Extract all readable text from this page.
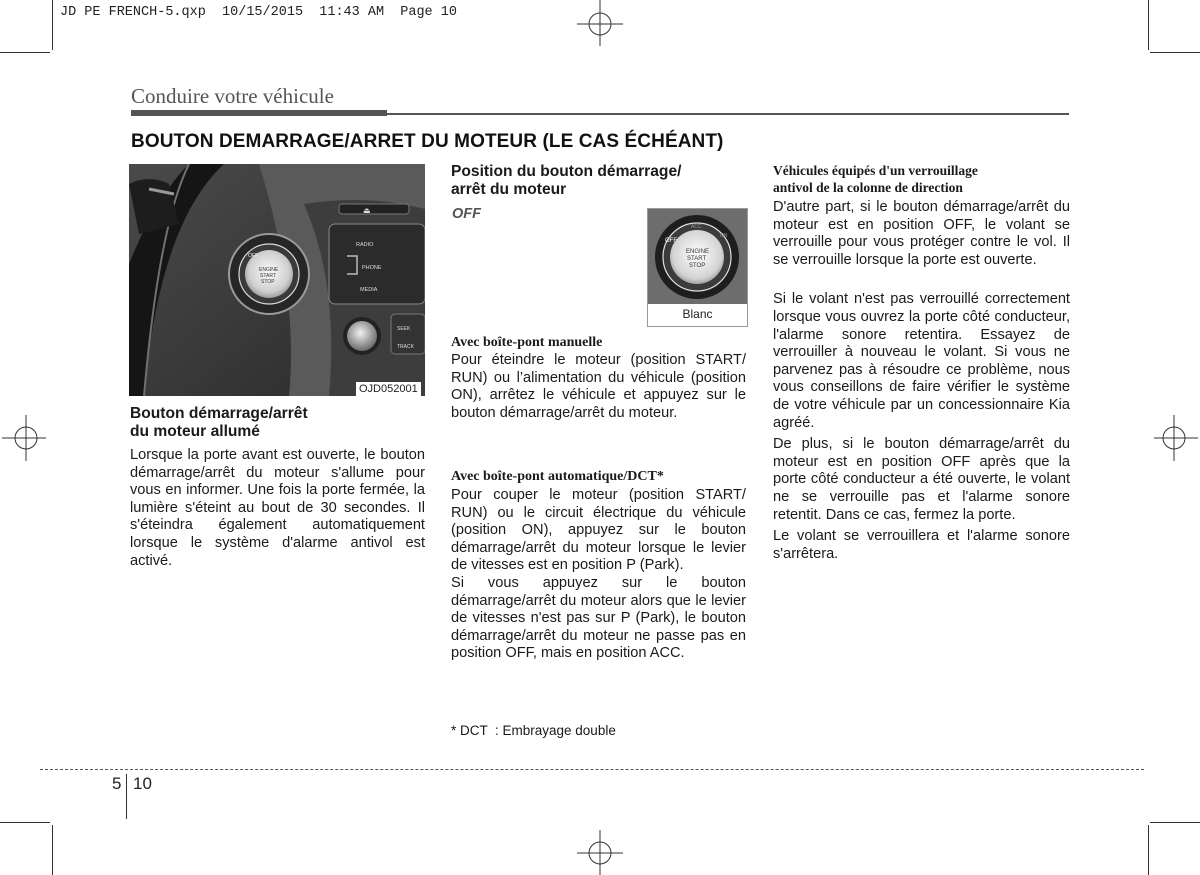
JD PE FRENCH-5.qxp  10/15/2015  11:43 AM  Page 10
Conduire votre véhicule
BOUTON DEMARRAGE/ARRET DU MOTEUR (LE CAS ÉCHÉANT)
⏏
RADIO
PHONE
MEDIA
SEEK
TRACK
OFF
ENGINE
START
STOP
OJD052001
Bouton démarrage/arrêt
du moteur allumé

Lorsque la porte avant est ouverte, le bouton démarrage/arrêt du moteur s'allume pour vous en informer. Une fois la porte fermée, la lumière s'éteint au bout de 30 secondes. Il s'éteindra également automatiquement lorsque le système d'alarme antivol est activé.

Position du bouton démarrage/
arrêt du moteur
OFF
OFF
ACC
ON
ENGINE
START
STOP
Blanc
Avec boîte-pont manuelle

Pour éteindre le moteur (position START/ RUN) ou l’alimentation du véhicule (position ON), arrêtez le véhicule et appuyez sur le bouton démarrage/arrêt du moteur.

Avec boîte-pont automatique/DCT*

Pour couper le moteur (position START/ RUN) ou le circuit électrique du véhicule (position ON), appuyez sur le bouton démarrage/arrêt du moteur lorsque le levier de vitesses est en position P (Park).

Si vous appuyez sur le bouton démarrage/arrêt du moteur alors que le levier de vitesses n'est pas sur P (Park), le bouton démarrage/arrêt du moteur ne passe pas en position OFF, mais en position ACC.

* DCT  : Embrayage double
Véhicules équipés d'un verrouillage
antivol de la colonne de direction

D'autre part, si le bouton démarrage/arrêt du moteur est en position OFF, le volant se verrouille pour vous protéger contre le vol. Il se verrouille lorsque la porte est ouverte.

Si le volant n'est pas verrouillé correctement lorsque vous ouvrez la porte côté conducteur, l'alarme sonore retentira. Essayez de verrouiller à nouveau le volant. Si vous ne parvenez pas à résoudre ce problème, nous vous conseillons de faire vérifier le système de votre véhicule par un concessionnaire Kia agréé.

De plus, si le bouton démarrage/arrêt du moteur est en position OFF après que la porte côté conducteur a été ouverte, le volant ne se verrouille pas et l'alarme sonore retentit. Dans ce cas, fermez la porte.

Le volant se verrouillera et l'alarme sonore s'arrêtera.

5 10
